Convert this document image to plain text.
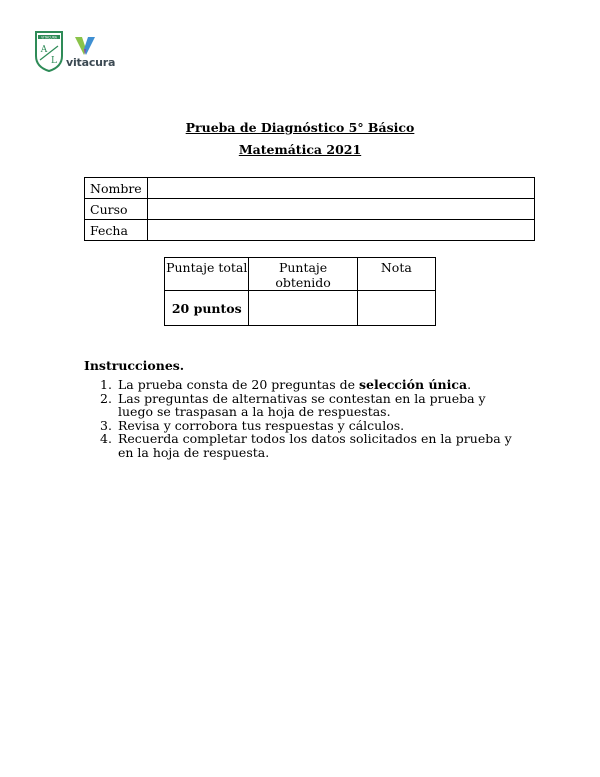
VITACURA
A
L vitacura
Prueba de Diagnóstico 5° Básico
Matemática 2021
Nombre	
Curso	
Fecha	
Puntaje total	Puntaje obtenido	Nota
20 puntos		
Instrucciones.
1. La prueba consta de 20 preguntas de selección única.
2. Las preguntas de alternativas se contestan en la prueba y luego se traspasan a la hoja de respuestas.
3. Revisa y corrobora tus respuestas y cálculos.
4. Recuerda completar todos los datos solicitados en la prueba y en la hoja de respuesta.
